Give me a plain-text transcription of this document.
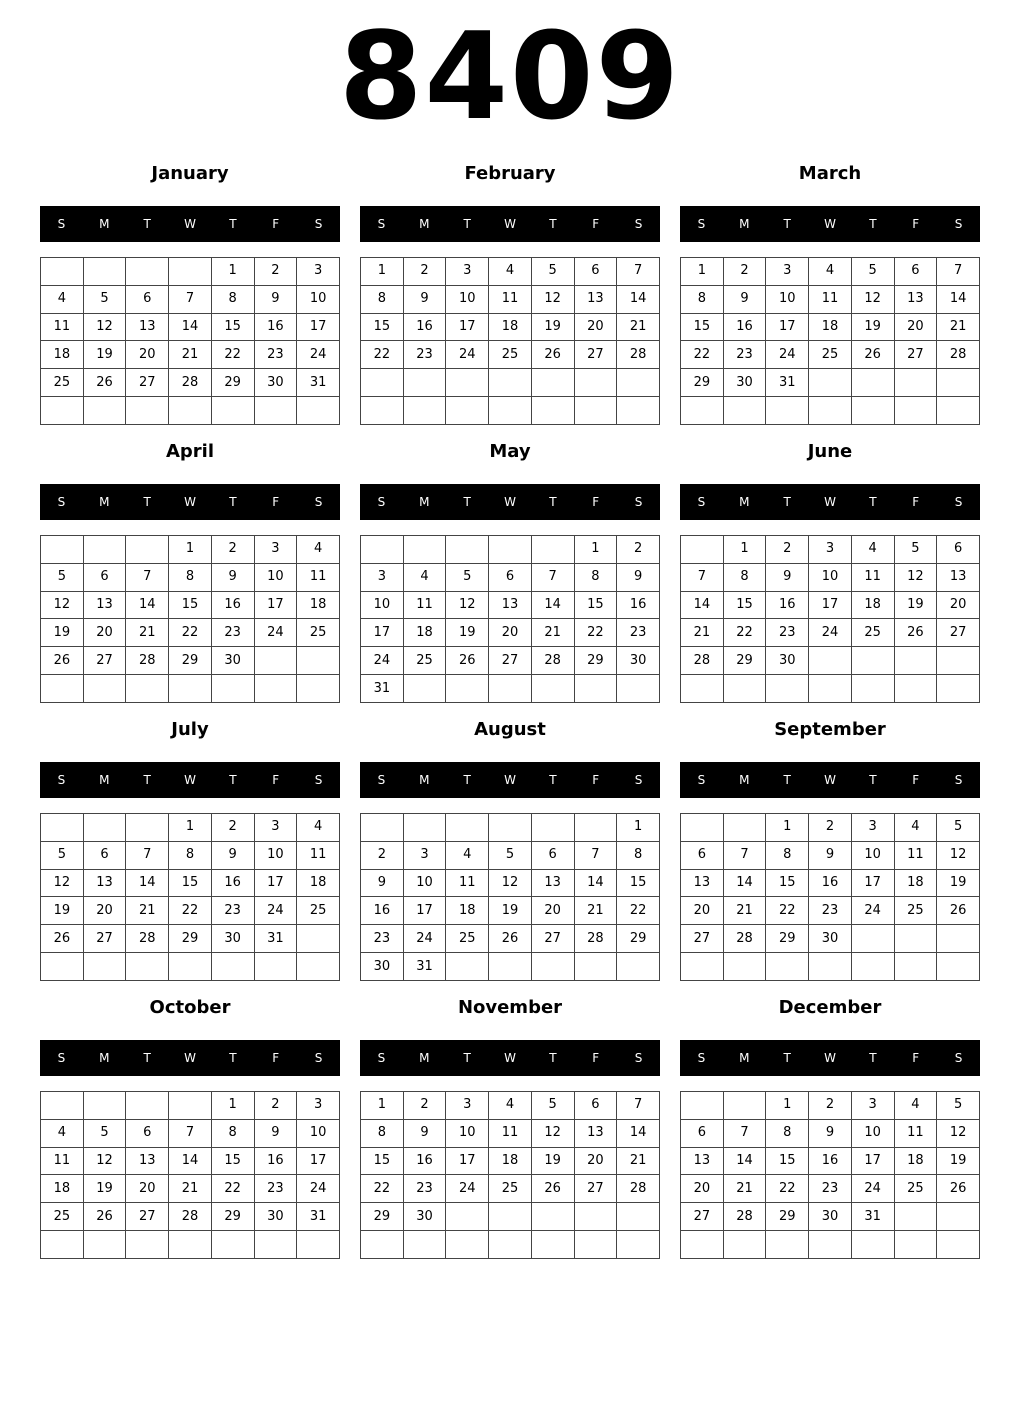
8409
January
S	M	T	W	T	F	S
				1	2	3
4	5	6	7	8	9	10
11	12	13	14	15	16	17
18	19	20	21	22	23	24
25	26	27	28	29	30	31

February
S	M	T	W	T	F	S
1	2	3	4	5	6	7
8	9	10	11	12	13	14
15	16	17	18	19	20	21
22	23	24	25	26	27	28

March
S	M	T	W	T	F	S
1	2	3	4	5	6	7
8	9	10	11	12	13	14
15	16	17	18	19	20	21
22	23	24	25	26	27	28
29	30	31				

April
S	M	T	W	T	F	S
			1	2	3	4
5	6	7	8	9	10	11
12	13	14	15	16	17	18
19	20	21	22	23	24	25
26	27	28	29	30		

May
S	M	T	W	T	F	S
					1	2
3	4	5	6	7	8	9
10	11	12	13	14	15	16
17	18	19	20	21	22	23
24	25	26	27	28	29	30
31						
June
S	M	T	W	T	F	S
	1	2	3	4	5	6
7	8	9	10	11	12	13
14	15	16	17	18	19	20
21	22	23	24	25	26	27
28	29	30				

July
S	M	T	W	T	F	S
			1	2	3	4
5	6	7	8	9	10	11
12	13	14	15	16	17	18
19	20	21	22	23	24	25
26	27	28	29	30	31	

August
S	M	T	W	T	F	S
						1
2	3	4	5	6	7	8
9	10	11	12	13	14	15
16	17	18	19	20	21	22
23	24	25	26	27	28	29
30	31					
September
S	M	T	W	T	F	S
		1	2	3	4	5
6	7	8	9	10	11	12
13	14	15	16	17	18	19
20	21	22	23	24	25	26
27	28	29	30			

October
S	M	T	W	T	F	S
				1	2	3
4	5	6	7	8	9	10
11	12	13	14	15	16	17
18	19	20	21	22	23	24
25	26	27	28	29	30	31

November
S	M	T	W	T	F	S
1	2	3	4	5	6	7
8	9	10	11	12	13	14
15	16	17	18	19	20	21
22	23	24	25	26	27	28
29	30					

December
S	M	T	W	T	F	S
		1	2	3	4	5
6	7	8	9	10	11	12
13	14	15	16	17	18	19
20	21	22	23	24	25	26
27	28	29	30	31		
